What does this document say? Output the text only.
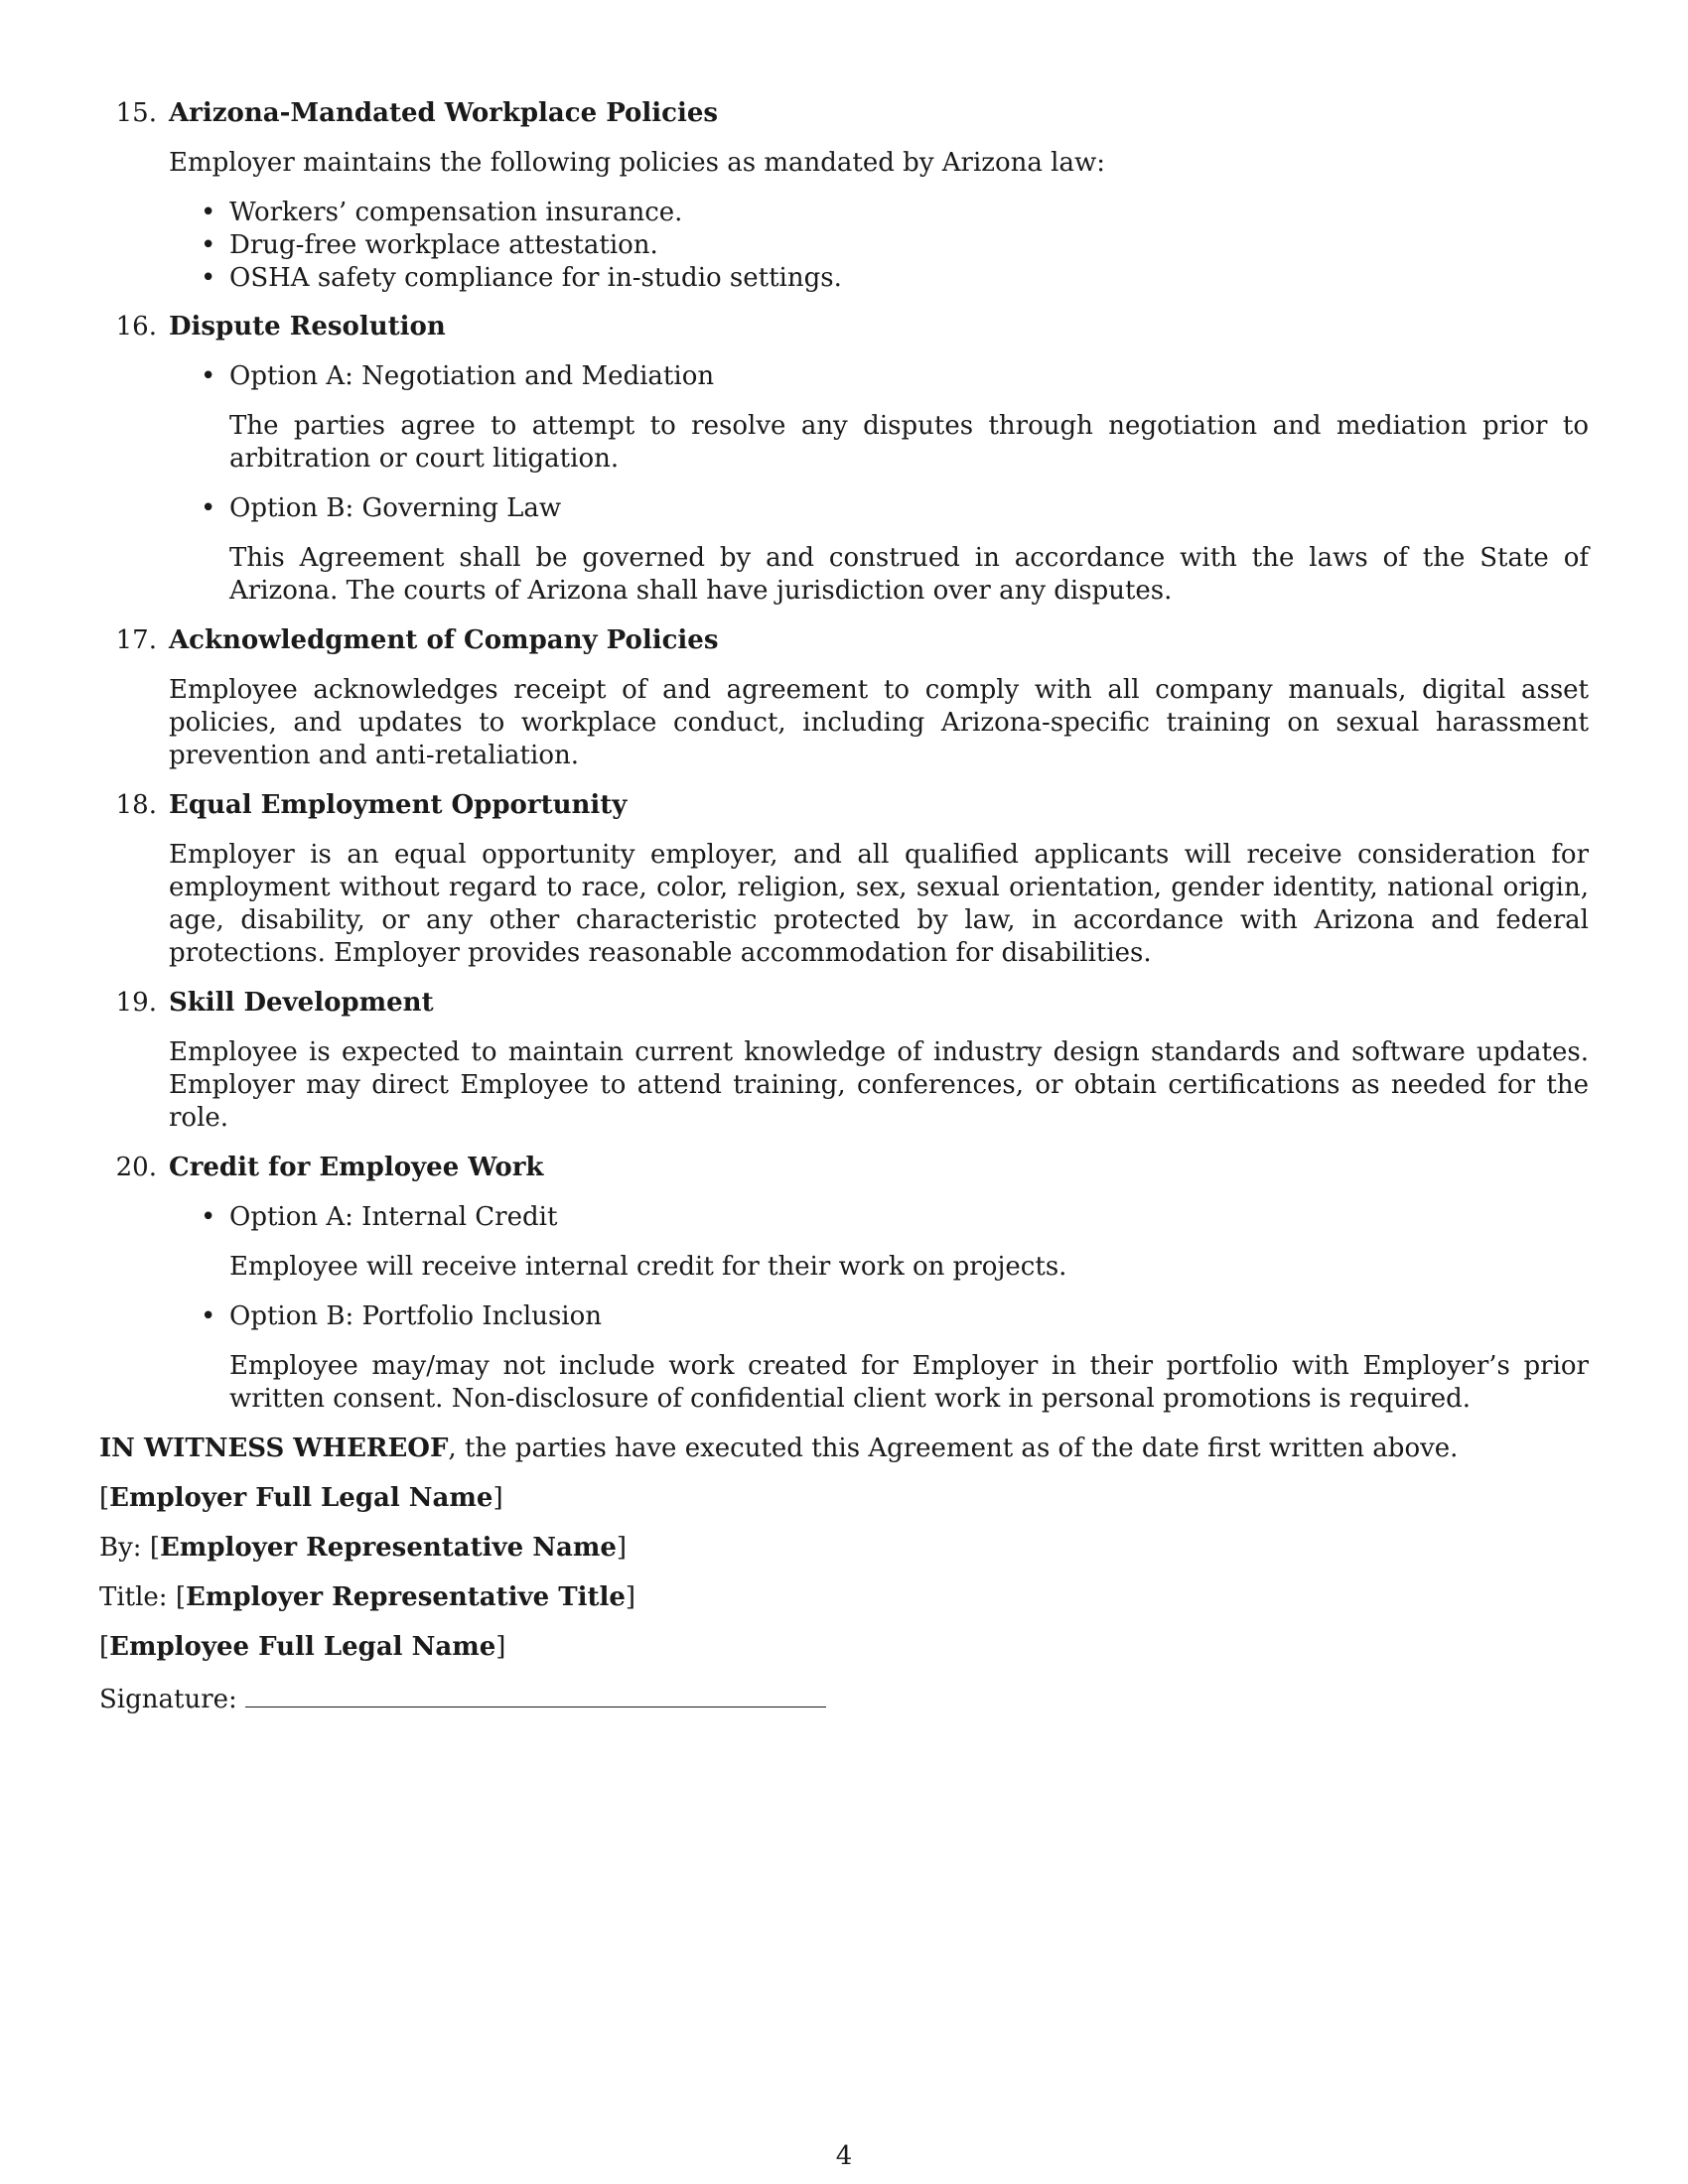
15. Arizona-Mandated Workplace Policies

Employer maintains the following policies as mandated by Arizona law:

• Workers’ compensation insurance.
• Drug-free workplace attestation.
• OSHA safety compliance for in-studio settings.
16. Dispute Resolution
• Option A: Negotiation and Mediation
The parties agree to attempt to resolve any disputes through negotiation and mediation prior to arbitration or court litigation.
• Option B: Governing Law
This Agreement shall be governed by and construed in accordance with the laws of the State of Arizona. The courts of Arizona shall have jurisdiction over any disputes.
17. Acknowledgment of Company Policies

Employee acknowledges receipt of and agreement to comply with all company manuals, digital asset policies, and updates to workplace conduct, including Arizona-specific training on sexual harassment prevention and anti-retaliation.

18. Equal Employment Opportunity

Employer is an equal opportunity employer, and all qualified applicants will receive consideration for employment without regard to race, color, religion, sex, sexual orientation, gender identity, national origin, age, disability, or any other characteristic protected by law, in accordance with Arizona and federal protections. Employer provides reasonable accommodation for disabilities.

19. Skill Development

Employee is expected to maintain current knowledge of industry design standards and software updates. Employer may direct Employee to attend training, conferences, or obtain certifications as needed for the role.

20. Credit for Employee Work
• Option A: Internal Credit
Employee will receive internal credit for their work on projects.
• Option B: Portfolio Inclusion
Employee may/may not include work created for Employer in their portfolio with Employer’s prior written consent. Non-disclosure of confidential client work in personal promotions is required.

IN WITNESS WHEREOF, the parties have executed this Agreement as of the date first written above.

[Employer Full Legal Name]

By: [Employer Representative Name]

Title: [Employer Representative Title]

[Employee Full Legal Name]

Signature:

4
